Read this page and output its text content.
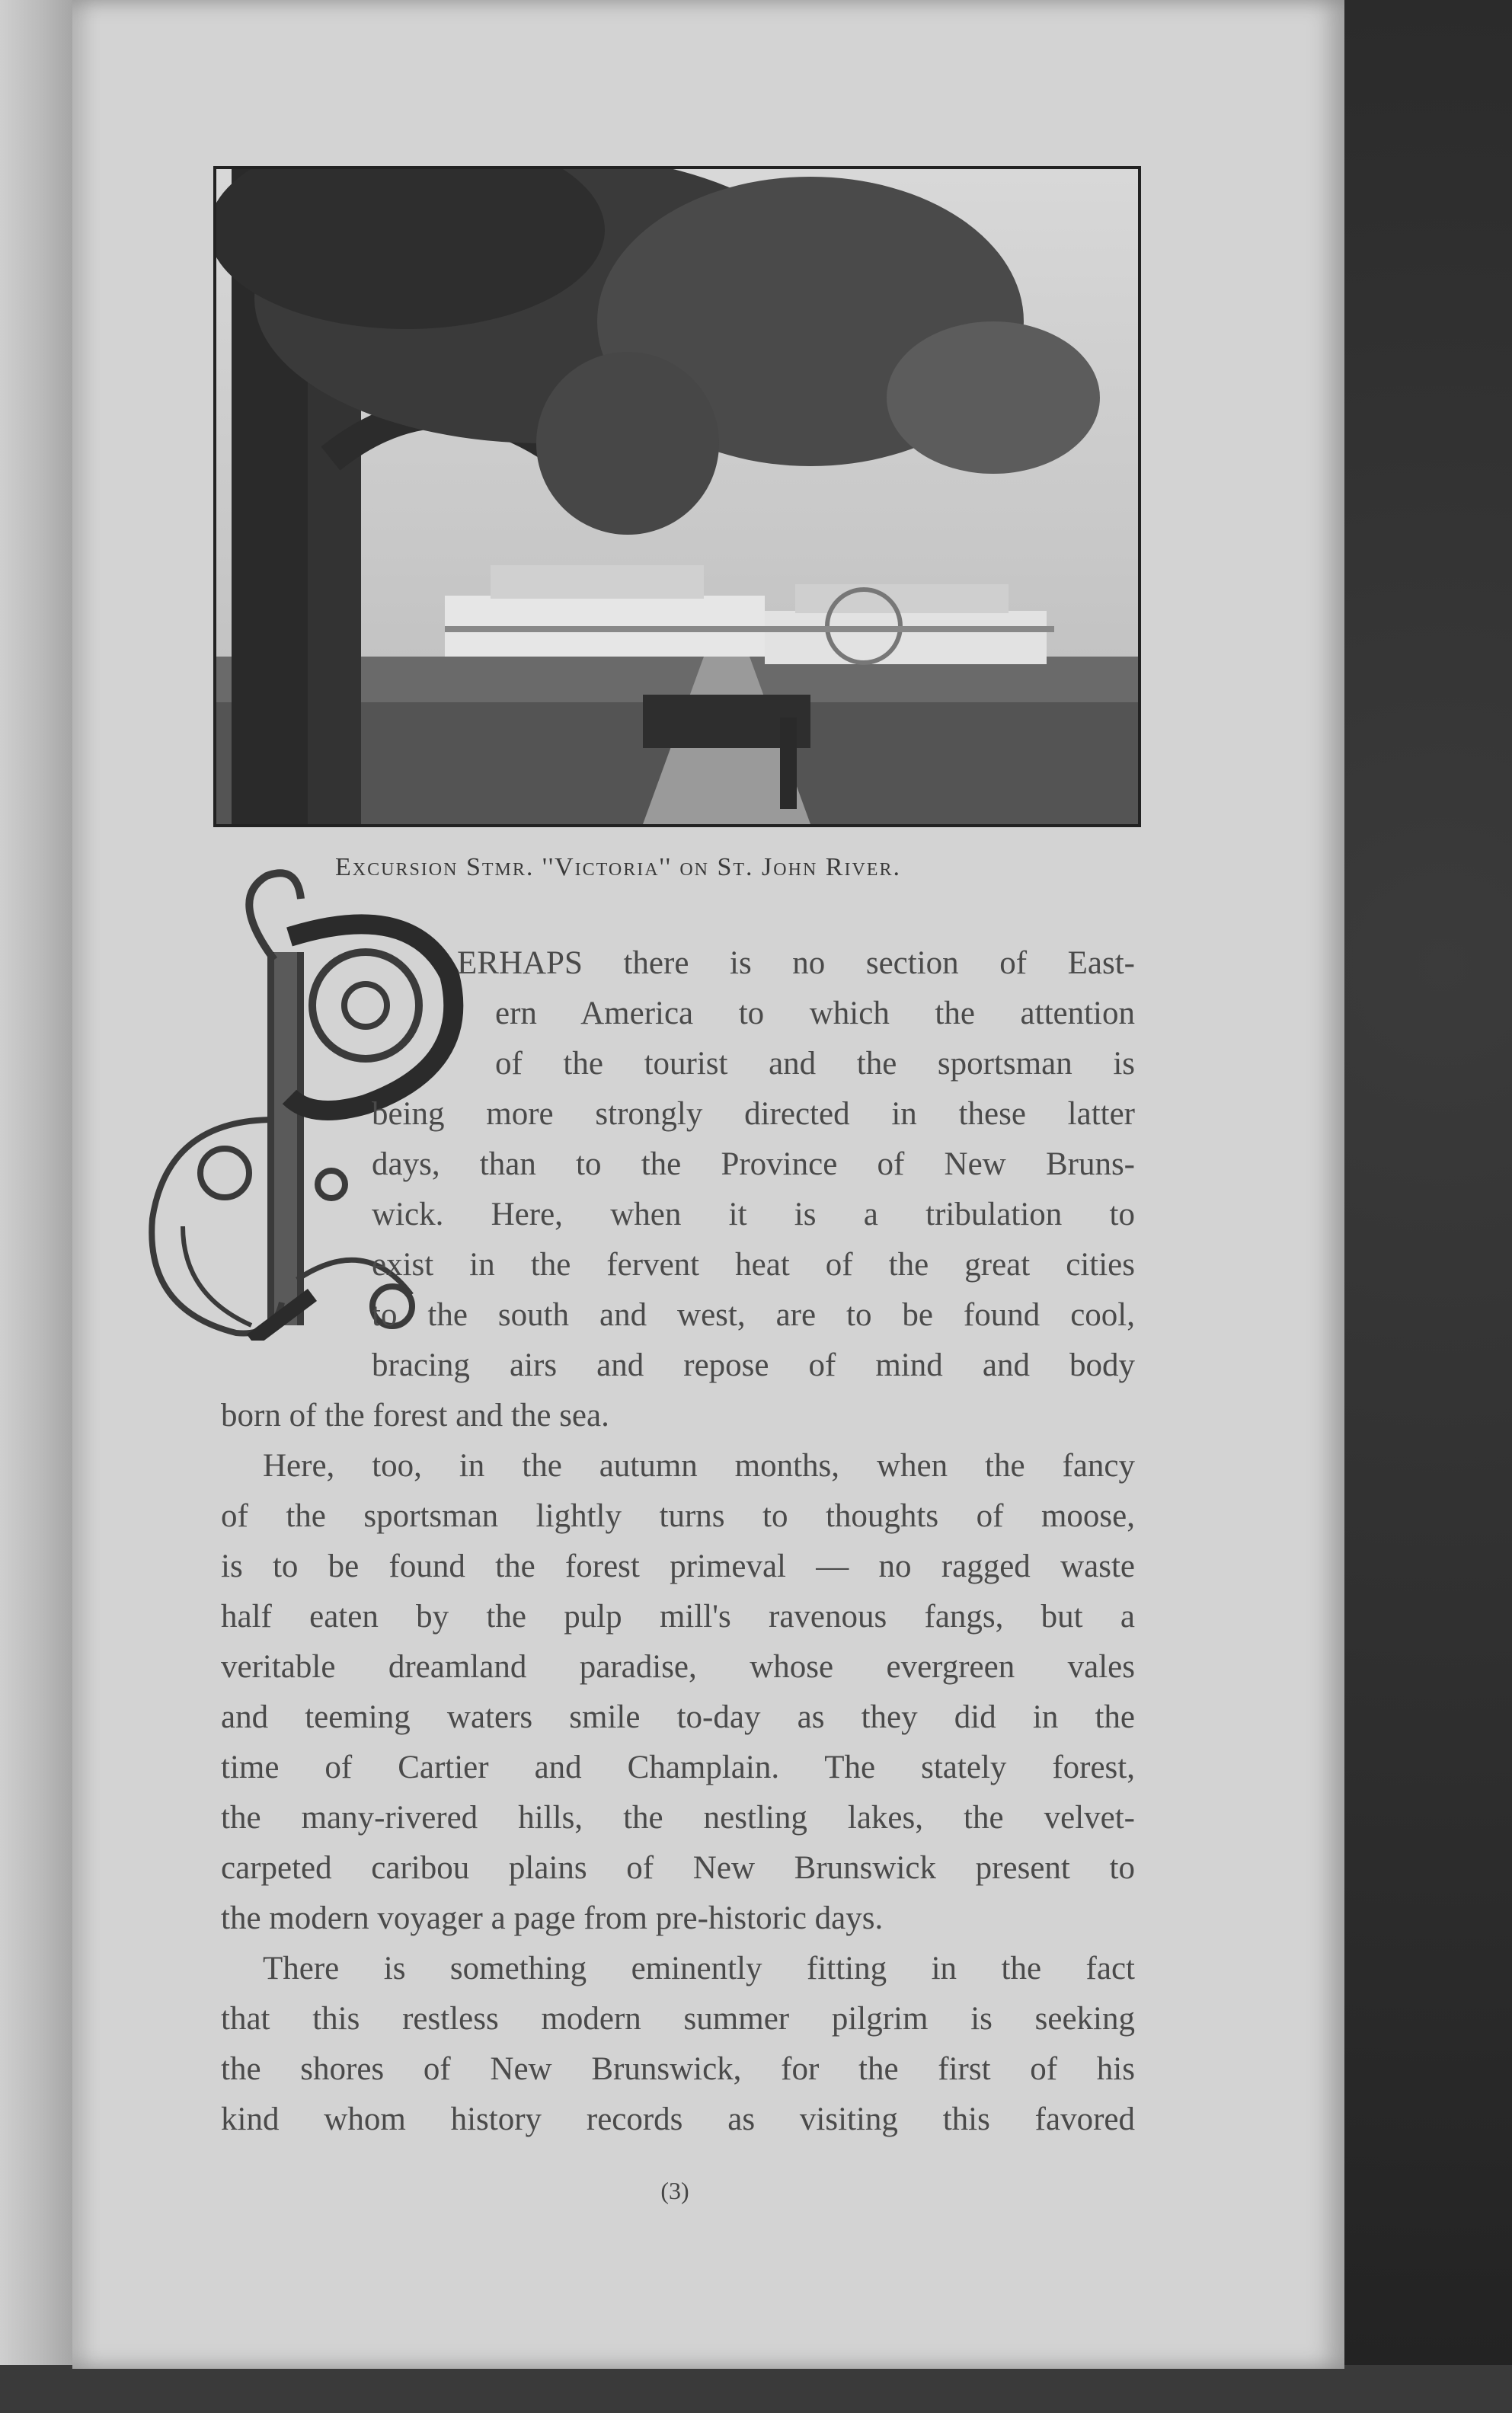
Excursion Stmr. ''Victoria'' on St. John River.
ERHAPS there is no section of East-
ern America to which the attention
of the tourist and the sportsman is
being more strongly directed in these latter
days, than to the Province of New Bruns-
wick. Here, when it is a tribulation to
exist in the fervent heat of the great cities
to the south and west, are to be found cool,
bracing airs and repose of mind and body
born of the forest and the sea.
Here, too, in the autumn months, when the fancy
of the sportsman lightly turns to thoughts of moose,
is to be found the forest primeval — no ragged waste
half eaten by the pulp mill's ravenous fangs, but a
veritable dreamland paradise, whose evergreen vales
and teeming waters smile to-day as they did in the
time of Cartier and Champlain. The stately forest,
the many-rivered hills, the nestling lakes, the velvet-
carpeted caribou plains of New Brunswick present to
the modern voyager a page from pre-historic days.
There is something eminently fitting in the fact
that this restless modern summer pilgrim is seeking
the shores of New Brunswick, for the first of his
kind whom history records as visiting this favored
(3)
